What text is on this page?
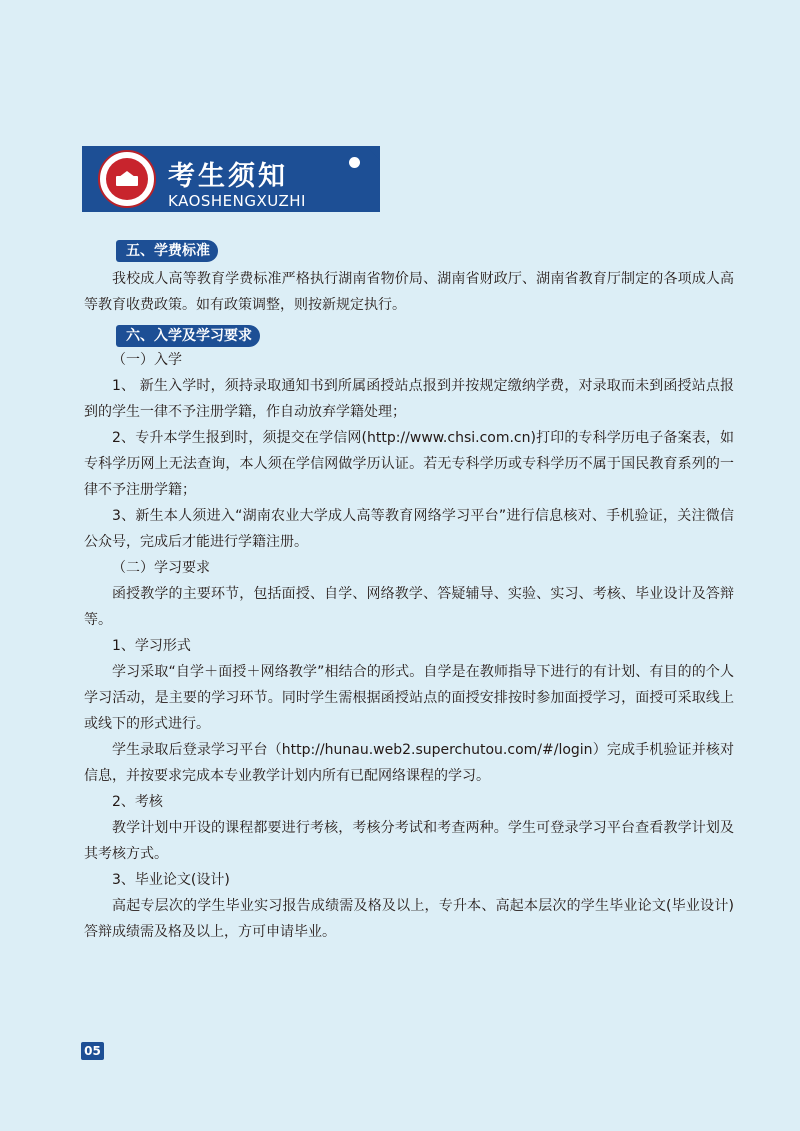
考生须知
KAOSHENGXUZHI
五、学费标准

我校成人高等教育学费标准严格执行湖南省物价局、湖南省财政厅、湖南省教育厅制定的各项成人高等教育收费政策。如有政策调整，则按新规定执行。

六、入学及学习要求

（一）入学

1、 新生入学时，须持录取通知书到所属函授站点报到并按规定缴纳学费，对录取而未到函授站点报到的学生一律不予注册学籍，作自动放弃学籍处理；

2、专升本学生报到时，须提交在学信网(http://www.chsi.com.cn)打印的专科学历电子备案表，如专科学历网上无法查询，本人须在学信网做学历认证。若无专科学历或专科学历不属于国民教育系列的一律不予注册学籍；

3、新生本人须进入“湖南农业大学成人高等教育网络学习平台”进行信息核对、手机验证，关注微信公众号，完成后才能进行学籍注册。

（二）学习要求

函授教学的主要环节，包括面授、自学、网络教学、答疑辅导、实验、实习、考核、毕业设计及答辩等。

1、学习形式

学习采取“自学＋面授＋网络教学”相结合的形式。自学是在教师指导下进行的有计划、有目的的个人学习活动，是主要的学习环节。同时学生需根据函授站点的面授安排按时参加面授学习，面授可采取线上或线下的形式进行。

学生录取后登录学习平台（http://hunau.web2.superchutou.com/#/login）完成手机验证并核对信息，并按要求完成本专业教学计划内所有已配网络课程的学习。

2、考核

教学计划中开设的课程都要进行考核，考核分考试和考查两种。学生可登录学习平台查看教学计划及其考核方式。

3、毕业论文(设计)

高起专层次的学生毕业实习报告成绩需及格及以上，专升本、高起本层次的学生毕业论文(毕业设计)答辩成绩需及格及以上，方可申请毕业。

05
